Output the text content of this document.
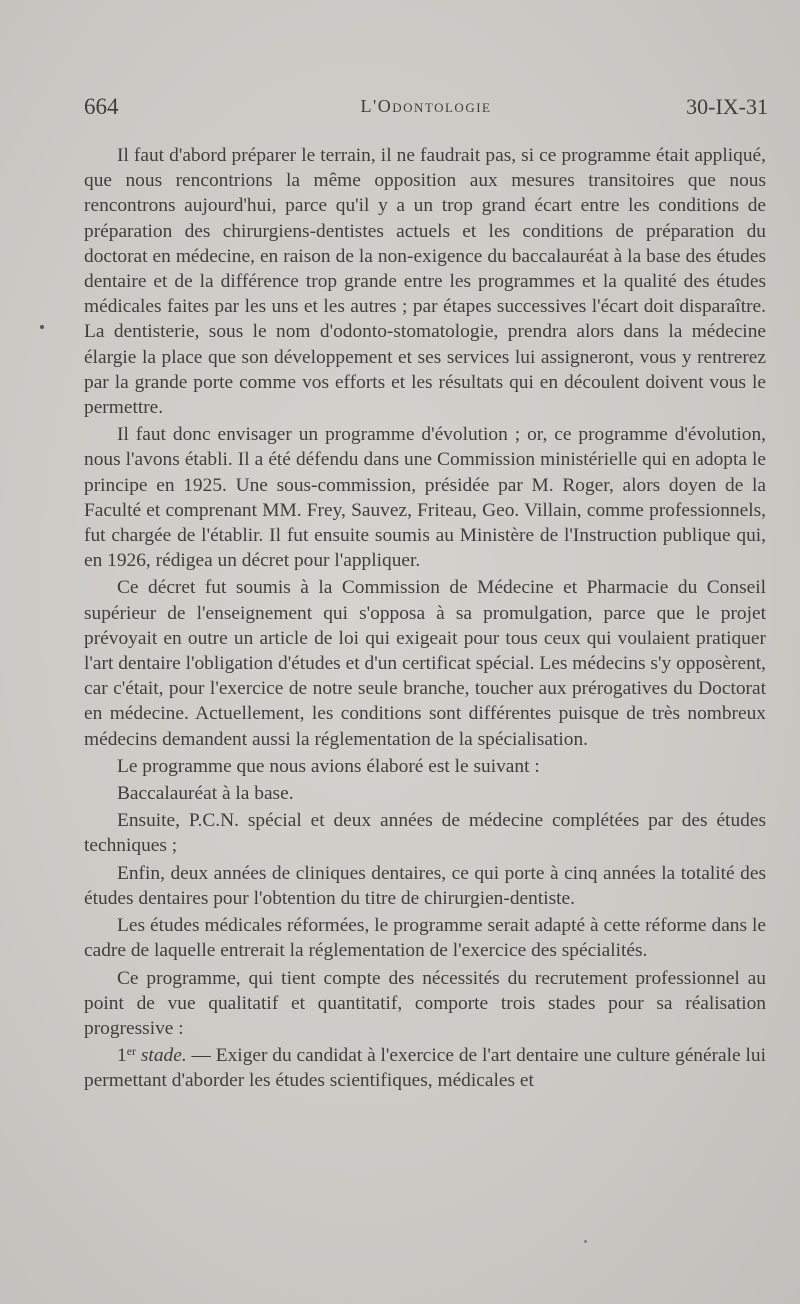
664	L'Odontologie	30-IX-31

Il faut d'abord préparer le terrain, il ne faudrait pas, si ce programme était appliqué, que nous rencontrions la même opposition aux mesures transitoires que nous rencontrons aujourd'hui, parce qu'il y a un trop grand écart entre les conditions de préparation des chirurgiens-dentistes actuels et les conditions de préparation du doctorat en médecine, en raison de la non-exigence du baccalauréat à la base des études dentaire et de la différence trop grande entre les programmes et la qualité des études médicales faites par les uns et les autres ; par étapes successives l'écart doit disparaître. La dentisterie, sous le nom d'odonto-stomatologie, prendra alors dans la médecine élargie la place que son développement et ses services lui assigneront, vous y rentrerez par la grande porte comme vos efforts et les résultats qui en découlent doivent vous le permettre.

Il faut donc envisager un programme d'évolution ; or, ce programme d'évolution, nous l'avons établi. Il a été défendu dans une Commission ministérielle qui en adopta le principe en 1925. Une sous-commission, présidée par M. Roger, alors doyen de la Faculté et comprenant MM. Frey, Sauvez, Friteau, Geo. Villain, comme professionnels, fut chargée de l'établir. Il fut ensuite soumis au Ministère de l'Instruction publique qui, en 1926, rédigea un décret pour l'appliquer.

Ce décret fut soumis à la Commission de Médecine et Pharmacie du Conseil supérieur de l'enseignement qui s'opposa à sa promulgation, parce que le projet prévoyait en outre un article de loi qui exigeait pour tous ceux qui voulaient pratiquer l'art dentaire l'obligation d'études et d'un certificat spécial. Les médecins s'y opposèrent, car c'était, pour l'exercice de notre seule branche, toucher aux prérogatives du Doctorat en médecine. Actuellement, les conditions sont différentes puisque de très nombreux médecins demandent aussi la réglementation de la spécialisation.

Le programme que nous avions élaboré est le suivant :

Baccalauréat à la base.

Ensuite, P.C.N. spécial et deux années de médecine complétées par des études techniques ;

Enfin, deux années de cliniques dentaires, ce qui porte à cinq années la totalité des études dentaires pour l'obtention du titre de chirurgien-dentiste.

Les études médicales réformées, le programme serait adapté à cette réforme dans le cadre de laquelle entrerait la réglementation de l'exercice des spécialités.

Ce programme, qui tient compte des nécessités du recrutement professionnel au point de vue qualitatif et quantitatif, comporte trois stades pour sa réalisation progressive :

1er stade. — Exiger du candidat à l'exercice de l'art dentaire une culture générale lui permettant d'aborder les études scientifiques, médicales et
